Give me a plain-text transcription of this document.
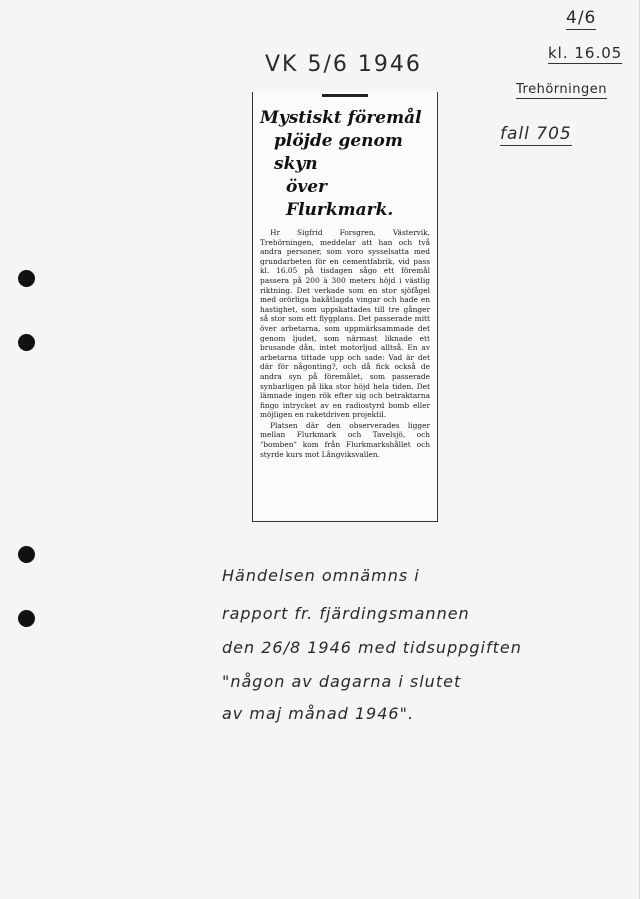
VK 5/6 1946
4/6
kl. 16.05
Trehörningen
fall 705
Mystiskt föremål
plöjde genom skyn
över Flurkmark.

Hr Sigfrid Forsgren, Västervik, Trehörningen, meddelar att han och två andra personer, som voro sysselsatta med grundarbeten för en cementfabrik, vid pass kl. 16.05 på tisdagen sågo ett föremål passera på 200 à 300 meters höjd i västlig riktning. Det verkade som en stor sjöfågel med orörliga bakåtlagda vingar och hade en hastighet, som uppskattades till tre gånger så stor som ett flygplans. Det passerade mitt över arbetarna, som uppmärksammade det genom ljudet, som närmast liknade ett brusande dån, intet motorljud alltså. En av arbetarna tittade upp och sade: Vad är det där för någonting?, och då fick också de andra syn på föremålet, som passerade synbarligen på lika stor höjd hela tiden. Det lämnade ingen rök efter sig och betraktarna fingo intrycket av en radiostyrd bomb eller möjligen en raketdriven projektil.

Platsen där den observerades ligger mellan Flurkmark och Tavelsjö, och "bomben" kom från Flurkmarkshållet och styrde kurs mot Långviksvallen.

Händelsen omnämns i
rapport fr. fjärdingsmannen
den 26/8 1946 med tidsuppgiften
"någon av dagarna i slutet
av maj månad 1946".
